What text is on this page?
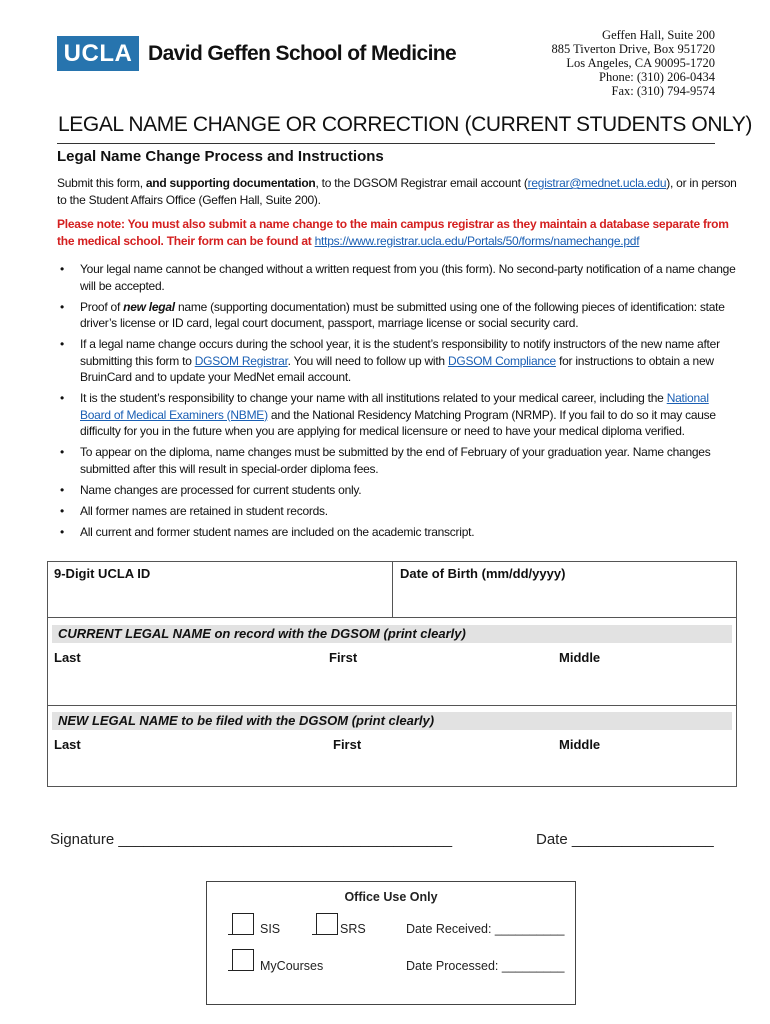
UCLA David Geffen School of Medicine
Geffen Hall, Suite 200
885 Tiverton Drive, Box 951720
Los Angeles, CA 90095-1720
Phone: (310) 206-0434
Fax: (310) 794-9574
LEGAL NAME CHANGE OR CORRECTION (CURRENT STUDENTS ONLY)
Legal Name Change Process and Instructions
Submit this form, and supporting documentation, to the DGSOM Registrar email account (registrar@mednet.ucla.edu), or in person to the Student Affairs Office (Geffen Hall, Suite 200).
Please note: You must also submit a name change to the main campus registrar as they maintain a database separate from the medical school. Their form can be found at https://www.registrar.ucla.edu/Portals/50/forms/namechange.pdf
• Your legal name cannot be changed without a written request from you (this form). No second-party notification of a name change will be accepted.
• Proof of new legal name (supporting documentation) must be submitted using one of the following pieces of identification: state driver’s license or ID card, legal court document, passport, marriage license or social security card.
• If a legal name change occurs during the school year, it is the student’s responsibility to notify instructors of the new name after submitting this form to DGSOM Registrar. You will need to follow up with DGSOM Compliance for instructions to obtain a new BruinCard and to update your MedNet email account.
• It is the student’s responsibility to change your name with all institutions related to your medical career, including the National Board of Medical Examiners (NBME) and the National Residency Matching Program (NRMP). If you fail to do so it may cause difficulty for you in the future when you are applying for medical licensure or need to have your medical diploma verified.
• To appear on the diploma, name changes must be submitted by the end of February of your graduation year. Name changes submitted after this will result in special-order diploma fees.
• Name changes are processed for current students only.
• All former names are retained in student records.
• All current and former student names are included on the academic transcript.
9-Digit UCLA ID	Date of Birth (mm/dd/yyyy)
CURRENT LEGAL NAME on record with the DGSOM (print clearly)
Last	First	Middle
NEW LEGAL NAME to be filed with the DGSOM (print clearly)
Last	First	Middle
Signature ________________________________________	Date _________________
Office Use Only
SIS	SRS	Date Received: __________
MyCourses	Date Processed: _________
